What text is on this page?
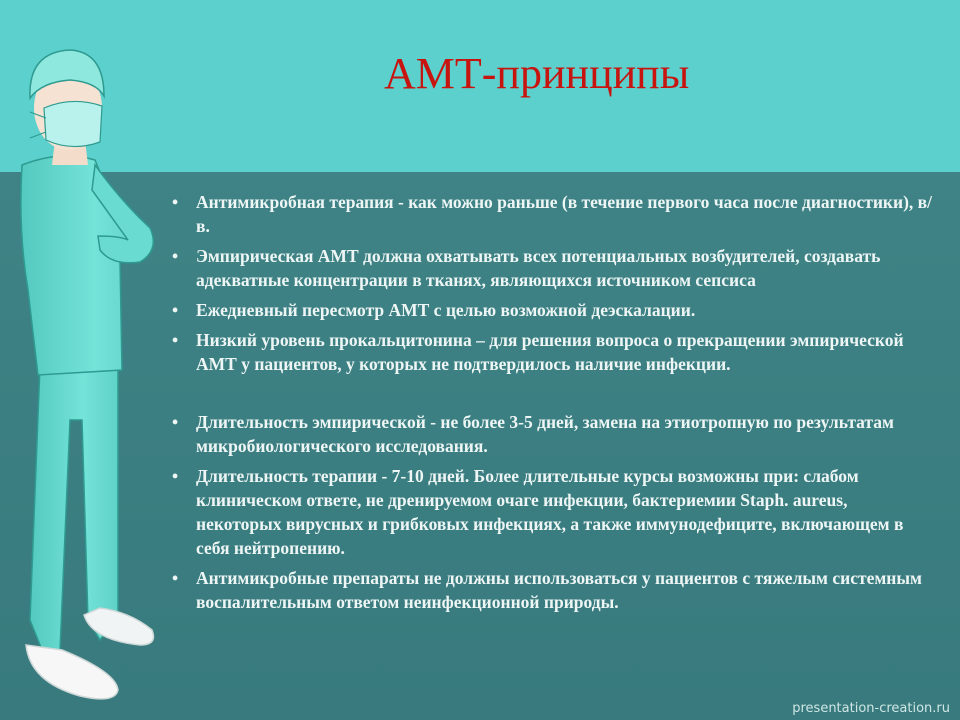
АМТ-принципы
• Антимикробная терапия - как можно раньше (в течение первого часа после диагностики), в/в.
• Эмпирическая АМТ должна охватывать всех потенциальных возбудителей, создавать адекватные концентрации в тканях, являющихся источником сепсиса
• Ежедневный пересмотр АМТ с целью возможной деэскалации.
• Низкий уровень прокальцитонина – для решения вопроса о прекращении эмпирической АМТ у пациентов, у которых не подтвердилось наличие инфекции.
• Длительность эмпирической - не более 3-5 дней, замена на этиотропную по результатам микробиологического исследования.
• Длительность терапии - 7-10 дней. Более длительные курсы возможны при: слабом клиническом ответе, не дренируемом очаге инфекции, бактериемии Staph. aureus, некоторых вирусных и грибковых инфекциях, а также иммунодефиците, включающем в себя нейтропению.
• Антимикробные препараты не должны использоваться у пациентов с тяжелым системным воспалительным ответом неинфекционной природы.
presentation-creation.ru
